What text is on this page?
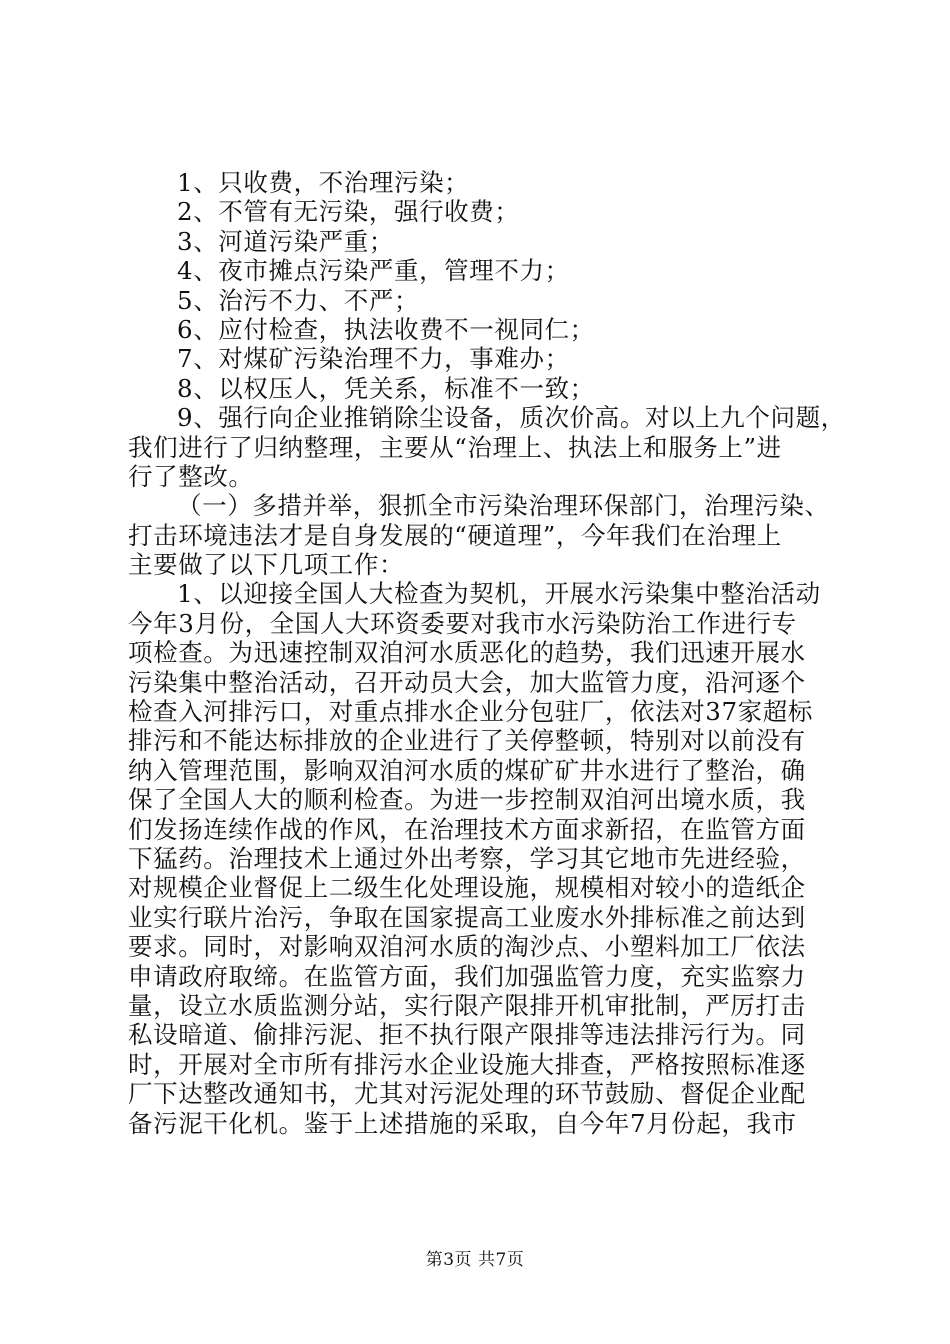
1、只收费，不治理污染；
2、不管有无污染，强行收费；
3、河道污染严重；
4、夜市摊点污染严重，管理不力；
5、治污不力、不严；
6、应付检查，执法收费不一视同仁；
7、对煤矿污染治理不力，事难办；
8、以权压人，凭关系，标准不一致；
9、强行向企业推销除尘设备，质次价高。对以上九个问题，
我们进行了归纳整理，主要从“治理上、执法上和服务上”进
行了整改。
（一）多措并举，狠抓全市污染治理环保部门，治理污染、
打击环境违法才是自身发展的“硬道理”，今年我们在治理上
主要做了以下几项工作：
1、以迎接全国人大检查为契机，开展水污染集中整治活动
今年3月份，全国人大环资委要对我市水污染防治工作进行专
项检查。为迅速控制双洎河水质恶化的趋势，我们迅速开展水
污染集中整治活动，召开动员大会，加大监管力度，沿河逐个
检查入河排污口，对重点排水企业分包驻厂，依法对37家超标
排污和不能达标排放的企业进行了关停整顿，特别对以前没有
纳入管理范围，影响双洎河水质的煤矿矿井水进行了整治，确
保了全国人大的顺利检查。为进一步控制双洎河出境水质，我
们发扬连续作战的作风，在治理技术方面求新招，在监管方面
下猛药。治理技术上通过外出考察，学习其它地市先进经验，
对规模企业督促上二级生化处理设施，规模相对较小的造纸企
业实行联片治污，争取在国家提高工业废水外排标准之前达到
要求。同时，对影响双洎河水质的淘沙点、小塑料加工厂依法
申请政府取缔。在监管方面，我们加强监管力度，充实监察力
量，设立水质监测分站，实行限产限排开机审批制，严厉打击
私设暗道、偷排污泥、拒不执行限产限排等违法排污行为。同
时，开展对全市所有排污水企业设施大排查，严格按照标准逐
厂下达整改通知书，尤其对污泥处理的环节鼓励、督促企业配
备污泥干化机。鉴于上述措施的采取，自今年7月份起，我市
第3页 共7页
